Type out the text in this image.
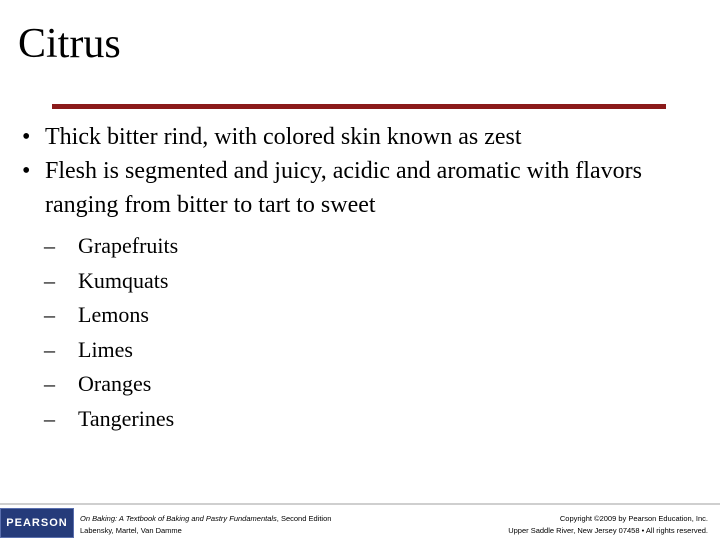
Citrus
• Thick bitter rind, with colored skin known as zest
• Flesh is segmented and juicy, acidic and aromatic with flavors ranging from bitter to tart to sweet
– Grapefruits
– Kumquats
– Lemons
– Limes
– Oranges
– Tangerines
PEARSON	On Baking: A Textbook of Baking and Pastry Fundamentals, Second Edition
Labensky, Martel, Van Damme
Copyright ©2009 by Pearson Education, Inc.
Upper Saddle River, New Jersey 07458 • All rights reserved.
